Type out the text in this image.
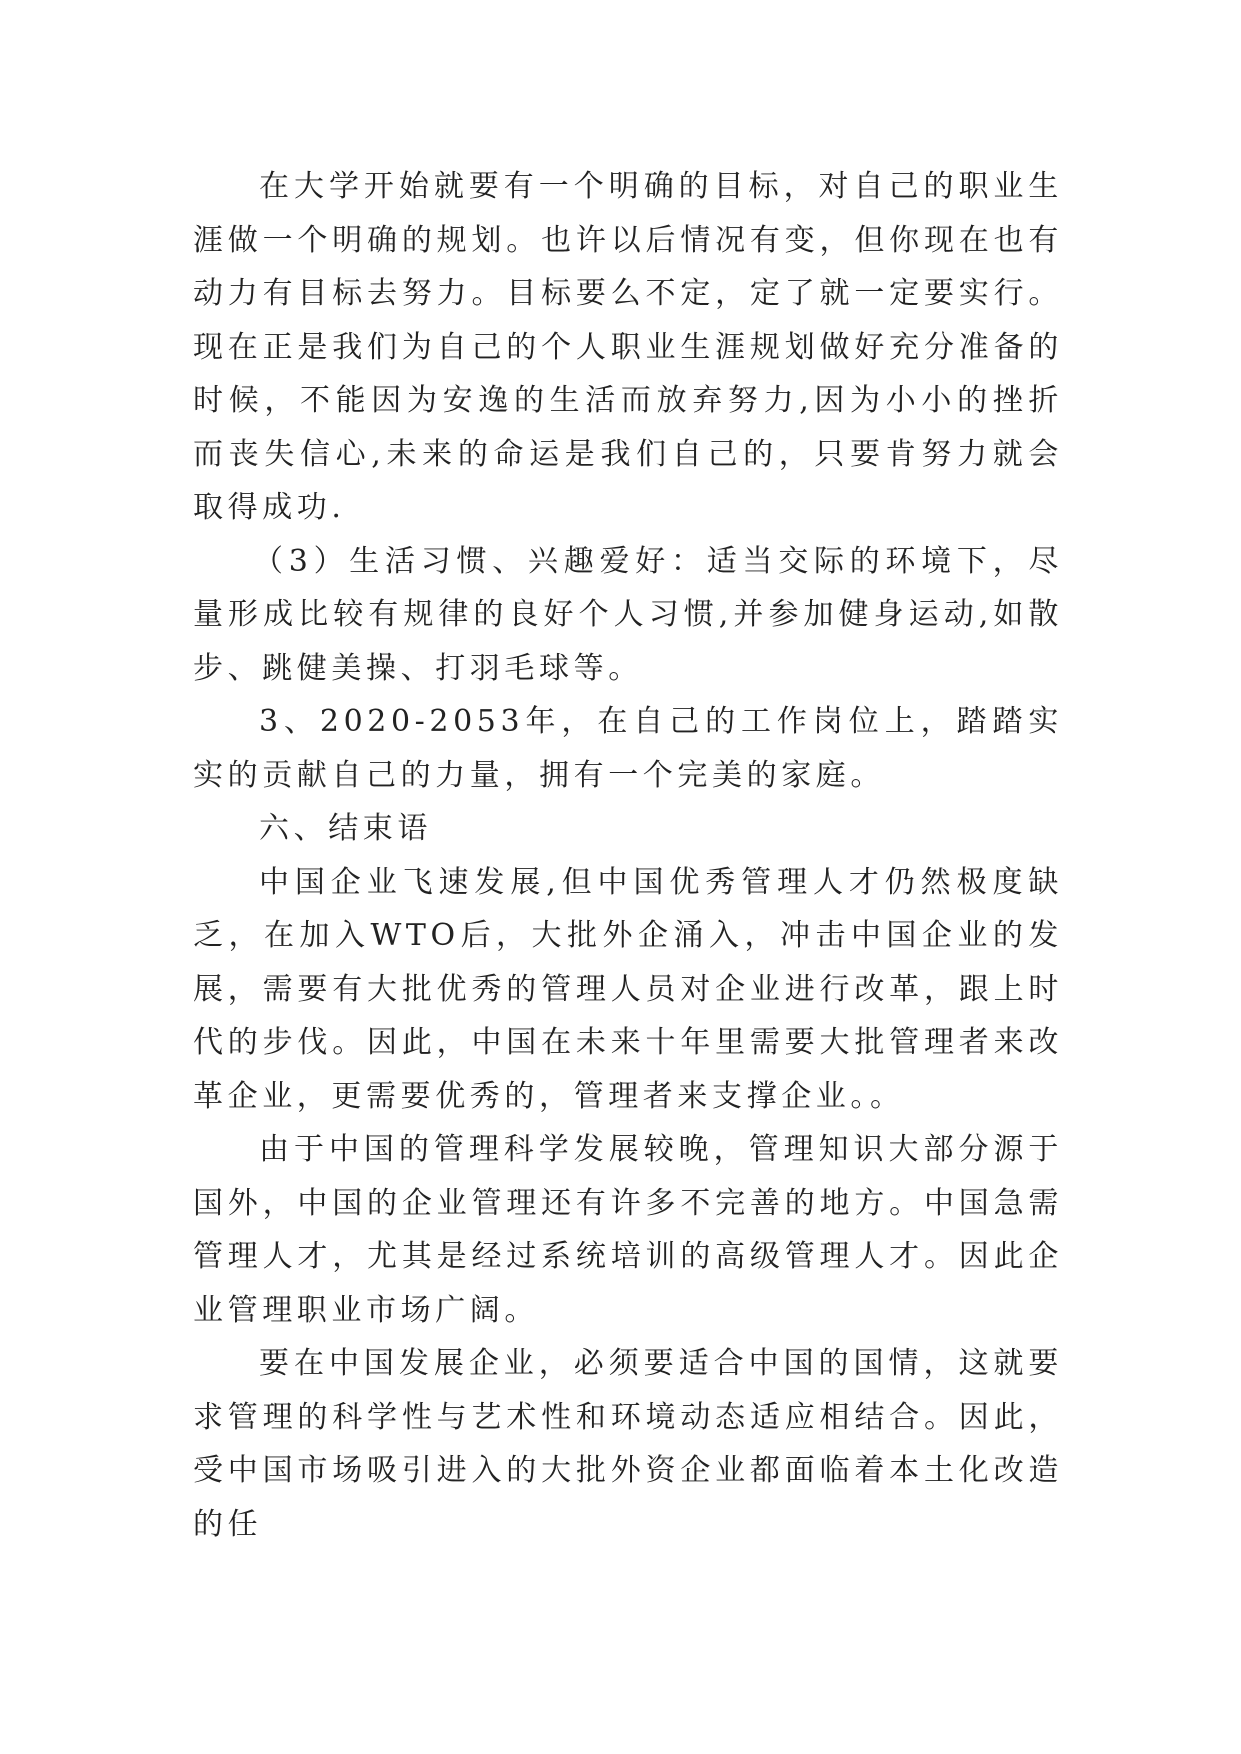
在大学开始就要有一个明确的目标，对自己的职业生涯做一个明确的规划。也许以后情况有变，但你现在也有动力有目标去努力。目标要么不定，定了就一定要实行。现在正是我们为自己的个人职业生涯规划做好充分准备的时候，不能因为安逸的生活而放弃努力,因为小小的挫折而丧失信心,未来的命运是我们自己的，只要肯努力就会取得成功.

（3）生活习惯、兴趣爱好：适当交际的环境下，尽量形成比较有规律的良好个人习惯,并参加健身运动,如散步、跳健美操、打羽毛球等。

3、2020-2053年，在自己的工作岗位上，踏踏实实的贡献自己的力量，拥有一个完美的家庭。

六、结束语

中国企业飞速发展,但中国优秀管理人才仍然极度缺乏，在加入WTO后，大批外企涌入，冲击中国企业的发展，需要有大批优秀的管理人员对企业进行改革，跟上时代的步伐。因此，中国在未来十年里需要大批管理者来改革企业，更需要优秀的，管理者来支撑企业。。

由于中国的管理科学发展较晚，管理知识大部分源于国外，中国的企业管理还有许多不完善的地方。中国急需管理人才，尤其是经过系统培训的高级管理人才。因此企业管理职业市场广阔。

要在中国发展企业，必须要适合中国的国情，这就要求管理的科学性与艺术性和环境动态适应相结合。因此，受中国市场吸引进入的大批外资企业都面临着本土化改造的任
